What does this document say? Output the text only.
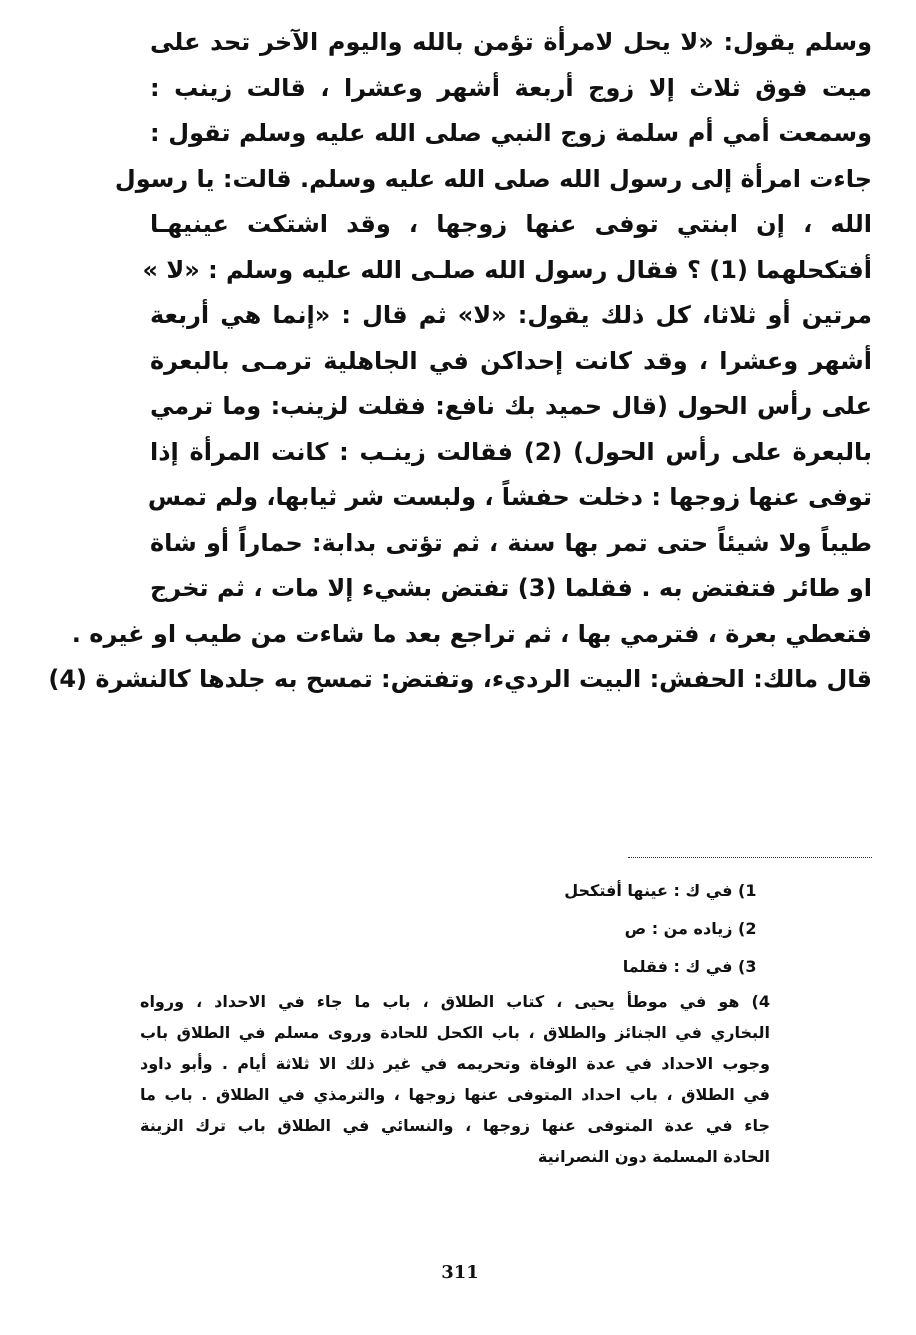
وسلم يقول: «لا يحل لامرأة تؤمن بالله واليوم الآخر تحد على
ميت فوق ثلاث إلا زوج أربعة أشهر وعشرا ، قالت زينب :
وسمعت أمي أم سلمة زوج النبي صلى الله عليه وسلم تقول :
جاءت امرأة إلى رسول الله صلى الله عليه وسلم. قالت: يا رسول
الله ، إن ابنتي توفى عنها زوجها ، وقد اشتكت عينيهـا
أفتكحلهما (1) ؟ فقال رسول الله صلـى الله عليه وسلم : «لا »
مرتين أو ثلاثا، كل ذلك يقول: «لا» ثم قال : «إنما هي أربعة
أشهر وعشرا ، وقد كانت إحداكن في الجاهلية ترمـى بالبعرة
على رأس الحول (قال حميد بك نافع: فقلت لزينب: وما ترمي
بالبعرة على رأس الحول) (2) فقالت زينـب : كانت المرأة إذا
توفى عنها زوجها : دخلت حفشاً ، ولبست شر ثيابها، ولم تمس
طيباً ولا شيئاً حتى تمر بها سنة ، ثم تؤتى بدابة: حماراً أو شاة
او طائر فتفتض به . فقلما (3) تفتض بشيء إلا مات ، ثم تخرج
فتعطي بعرة ، فترمي بها ، ثم تراجع بعد ما شاءت من طيب او غيره .
قال مالك: الحفش: البيت الرديء، وتفتض: تمسح به جلدها كالنشرة (4)
1) في ك : عينها أفتكحل
2) زياده من : ص
3) في ك : فقلما
4) هو في موطأ يحيى ، كتاب الطلاق ، باب ما جاء في الاحداد ، ورواه
البخاري في الجنائز والطلاق ، باب الكحل للحادة وروى مسلم في الطلاق باب
وجوب الاحداد في عدة الوفاة وتحريمه في غير ذلك الا ثلاثة أيام . وأبو داود
في الطلاق ، باب احداد المتوفى عنها زوجها ، والترمذي في الطلاق . باب ما
جاء في عدة المتوفى عنها زوجها ، والنسائي في الطلاق باب ترك الزينة
الحادة المسلمة دون النصرانية
311
